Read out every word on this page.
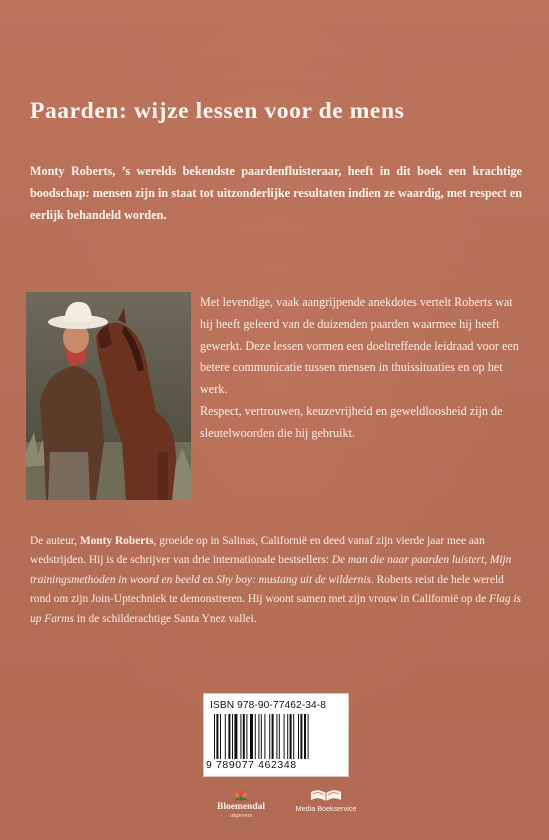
Paarden: wijze lessen voor de mens

Monty Roberts, ’s werelds bekendste paardenfluisteraar, heeft in dit boek een krachtige boodschap: mensen zijn in staat tot uitzonderlijke resultaten indien ze waardig, met respect en eerlijk behandeld worden.

Met levendige, vaak aangrijpende anekdotes vertelt Roberts wat hij heeft geleerd van de duizenden paarden waarmee hij heeft gewerkt. Deze lessen vormen een doeltreffende leidraad voor een betere communicatie tussen mensen in thuissituaties en op het werk.

Respect, vertrouwen, keuzevrijheid en geweldloosheid zijn de sleutelwoorden die hij gebruikt.

De auteur, Monty Roberts, groeide op in Salinas, Californië en deed vanaf zijn vierde jaar mee aan wedstrijden. Hij is de schrijver van drie internationale bestsellers: De man die naar paarden luistert, Mijn trainingsmethoden in woord en beeld en Shy boy: mustang uit de wildernis. Roberts reist de hele wereld rond om zijn Join-Uptechniek te demonstreren. Hij woont samen met zijn vrouw in Californië op de Flag is up Farms in de schilderachtige Santa Ynez vallei.

ISBN 978-90-77462-34-8
9 789077 462348
Bloemendal
uitgevers
Media Boekservice
